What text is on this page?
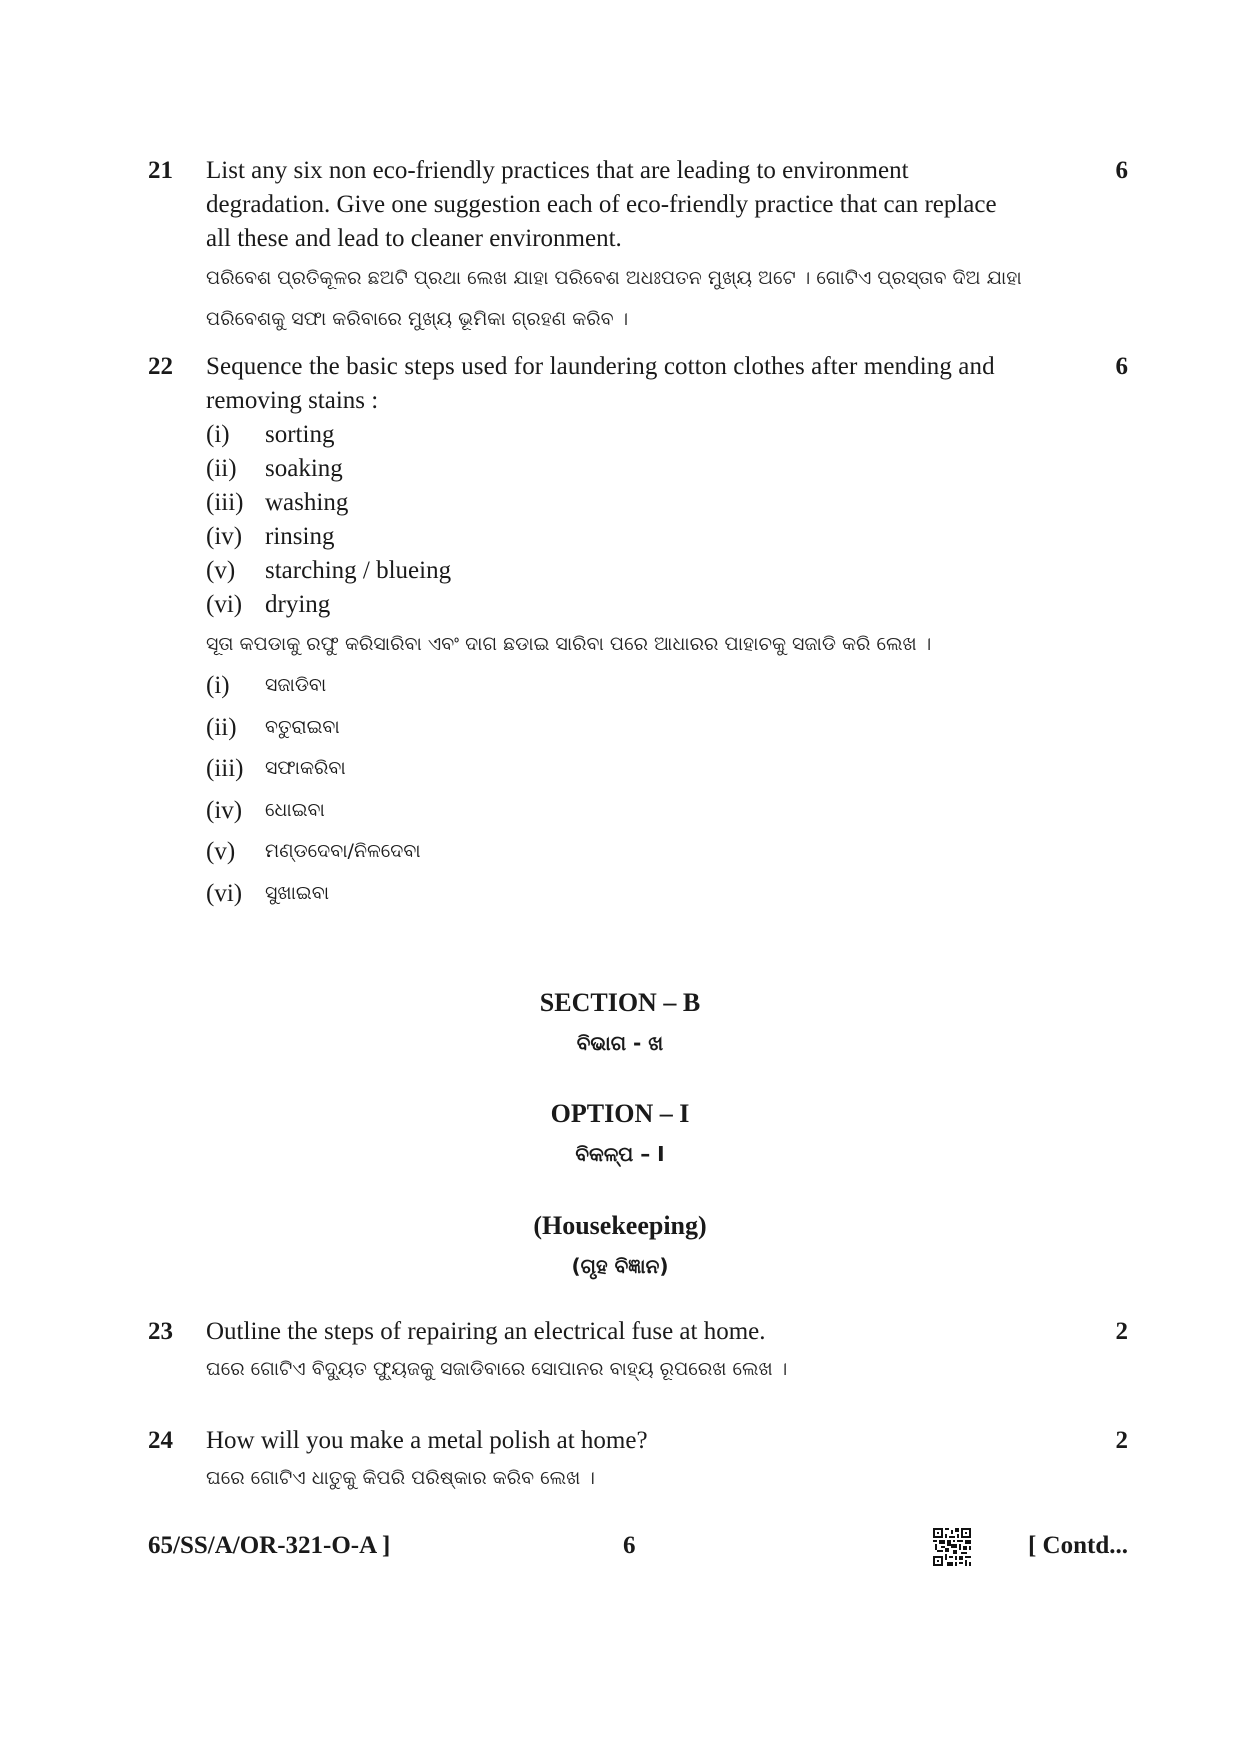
21	6

List any six non eco-friendly practices that are leading to environment

degradation. Give one suggestion each of eco-friendly practice that can replace

all these and lead to cleaner environment.

ପରିବେଶ ପ୍ରତିକୂଳର ଛଅଟି ପ୍ରଥା ଲେଖ ଯାହା ପରିବେଶ ଅଧଃପତନ ମୁଖ୍ୟ ଅଟେ । ଗୋଟିଏ ପ୍ରସ୍ତାବ ଦିଅ ଯାହା

ପରିବେଶକୁ ସଫା କରିବାରେ ମୁଖ୍ୟ ଭୂମିକା ଗ୍ରହଣ କରିବ ।

22	6

Sequence the basic steps used for laundering cotton clothes after mending and

removing stains :

(i)	sorting
(ii)	soaking
(iii) washing
(iv) rinsing
(v)	starching / blueing
(vi) drying

ସୂତା କପଡାକୁ ରଫୁ କରିସାରିବା ଏବଂ ଦାଗ ଛଡାଇ ସାରିବା ପରେ ଆଧାରର ପାହାଚକୁ ସଜାଡି କରି ଲେଖ ।

(i)	ସଜାଡିବା
(ii)	ବତୁରାଇବା
(iii)	ସଫାକରିବା
(iv)	ଧୋଇବା
(v)	ମଣ୍ଡଦେବା/ନିଳଦେବା
(vi)	ସୁଖାଇବା
SECTION – B
ବିଭାଗ - ଖ
OPTION – I
ବିକଳ୍ପ – I
(Housekeeping)
(ଗୃହ ବିଜ୍ଞାନ)
23	2

Outline the steps of repairing an electrical fuse at home.

ଘରେ ଗୋଟିଏ ବିଦ୍ୟୁତ ଫ୍ୟୁଜକୁ ସଜାଡିବାରେ ସୋପାନର ବାହ୍ୟ ରୂପରେଖ ଲେଖ ।

24	2

How will you make a metal polish at home?

ଘରେ ଗୋଟିଏ ଧାତୁକୁ କିପରି ପରିଷ୍କାର କରିବ ଲେଖ ।

65/SS/A/OR-321-O-A ]	6	[ Contd...
